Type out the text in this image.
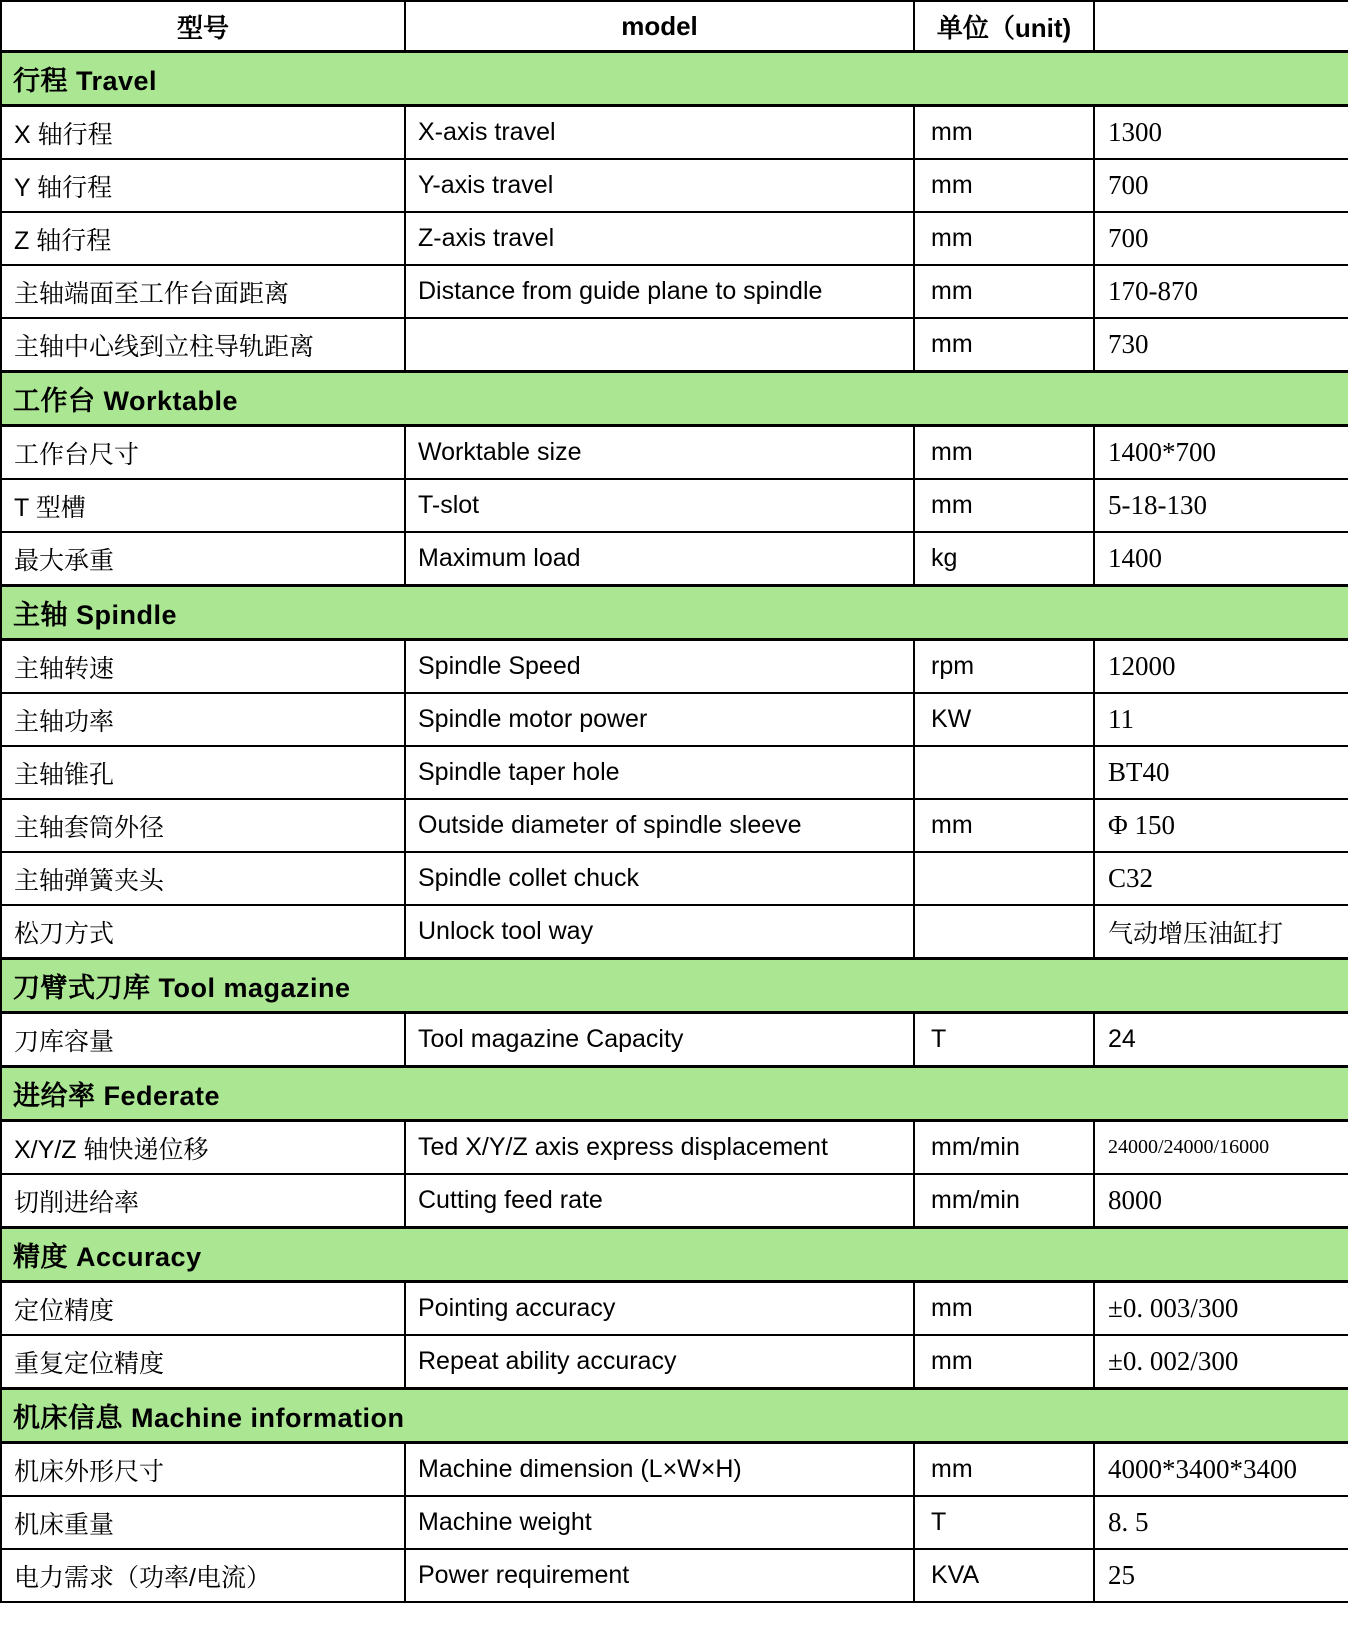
型号	model	单位（unit)	
行程 Travel			
X 轴行程	X-axis travel	mm	1300
Y 轴行程	Y-axis travel	mm	700
Z 轴行程	Z-axis travel	mm	700
主轴端面至工作台面距离	Distance from guide plane to spindle	mm	170-870
主轴中心线到立柱导轨距离		mm	730
工作台 Worktable			
工作台尺寸	Worktable size	mm	1400*700
T 型槽	T-slot	mm	5-18-130
最大承重	Maximum load	kg	1400
主轴 Spindle			
主轴转速	Spindle Speed	rpm	12000
主轴功率	Spindle motor power	KW	11
主轴锥孔	Spindle taper hole		BT40
主轴套筒外径	Outside diameter of spindle sleeve	mm	Φ 150
主轴弹簧夹头	Spindle collet chuck		C32
松刀方式	Unlock tool way		气动增压油缸打
刀臂式刀库 Tool magazine			
刀库容量	Tool magazine Capacity	T	24
进给率 Federate			
X/Y/Z 轴快递位移	Ted X/Y/Z axis express displacement	mm/min	24000/24000/16000
切削进给率	Cutting feed rate	mm/min	8000
精度 Accuracy			
定位精度	Pointing accuracy	mm	±0. 003/300
重复定位精度	Repeat ability accuracy	mm	±0. 002/300
机床信息 Machine information			
机床外形尺寸	Machine dimension (L×W×H)	mm	4000*3400*3400
机床重量	Machine weight	T	8. 5
电力需求（功率/电流）	Power requirement	KVA	25
